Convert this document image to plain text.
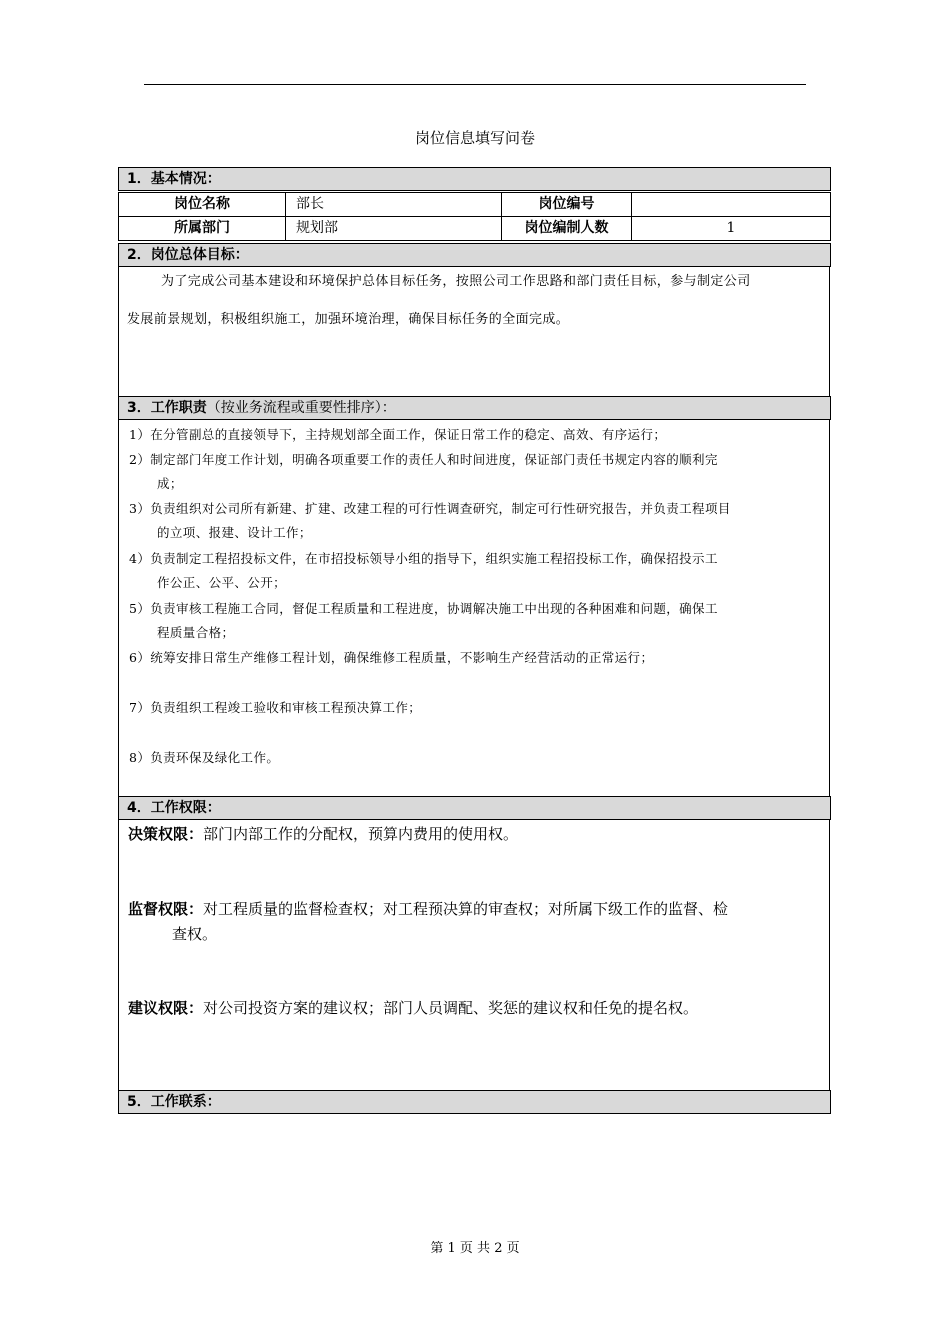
岗位信息填写问卷
1．基本情况：
岗位名称	部长	岗位编号
所属部门	规划部	岗位编制人数	1
2．岗位总体目标：
为了完成公司基本建设和环境保护总体目标任务，按照公司工作思路和部门责任目标，参与制定公司
发展前景规划，积极组织施工，加强环境治理，确保目标任务的全面完成。
3．工作职责（按业务流程或重要性排序）：
1）在分管副总的直接领导下，主持规划部全面工作，保证日常工作的稳定、高效、有序运行；
2）制定部门年度工作计划，明确各项重要工作的责任人和时间进度，保证部门责任书规定内容的顺利完
成；
3）负责组织对公司所有新建、扩建、改建工程的可行性调查研究，制定可行性研究报告，并负责工程项目
的立项、报建、设计工作；
4）负责制定工程招投标文件，在市招投标领导小组的指导下，组织实施工程招投标工作，确保招投示工
作公正、公平、公开；
5）负责审核工程施工合同，督促工程质量和工程进度，协调解决施工中出现的各种困难和问题，确保工
程质量合格；
6）统筹安排日常生产维修工程计划，确保维修工程质量，不影响生产经营活动的正常运行；
7）负责组织工程竣工验收和审核工程预决算工作；
8）负责环保及绿化工作。
4．工作权限：
决策权限：部门内部工作的分配权，预算内费用的使用权。
监督权限：对工程质量的监督检查权；对工程预决算的审查权；对所属下级工作的监督、检
查权。
建议权限：对公司投资方案的建议权；部门人员调配、奖惩的建议权和任免的提名权。
5．工作联系：
第 1 页 共 2 页
